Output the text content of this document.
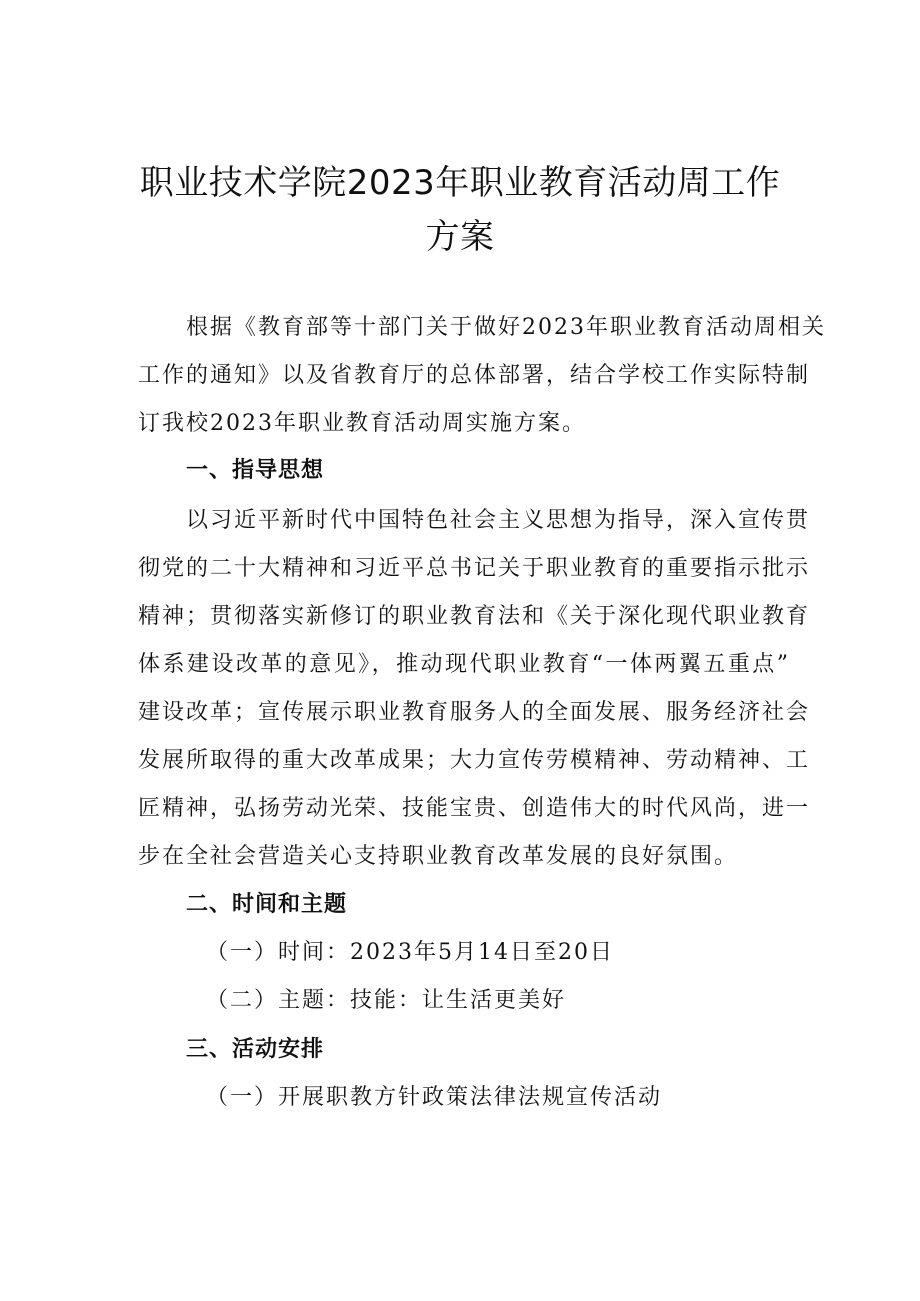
职业技术学院2023年职业教育活动周工作
方案
根据《教育部等十部门关于做好2023年职业教育活动周相关
工作的通知》以及省教育厅的总体部署，结合学校工作实际特制
订我校2023年职业教育活动周实施方案。
一、指导思想
以习近平新时代中国特色社会主义思想为指导，深入宣传贯
彻党的二十大精神和习近平总书记关于职业教育的重要指示批示
精神；贯彻落实新修订的职业教育法和《关于深化现代职业教育
体系建设改革的意见》，推动现代职业教育“一体两翼五重点”
建设改革；宣传展示职业教育服务人的全面发展、服务经济社会
发展所取得的重大改革成果；大力宣传劳模精神、劳动精神、工
匠精神，弘扬劳动光荣、技能宝贵、创造伟大的时代风尚，进一
步在全社会营造关心支持职业教育改革发展的良好氛围。
二、时间和主题
（一）时间：2023年5月14日至20日
（二）主题：技能：让生活更美好
三、活动安排
（一）开展职教方针政策法律法规宣传活动
